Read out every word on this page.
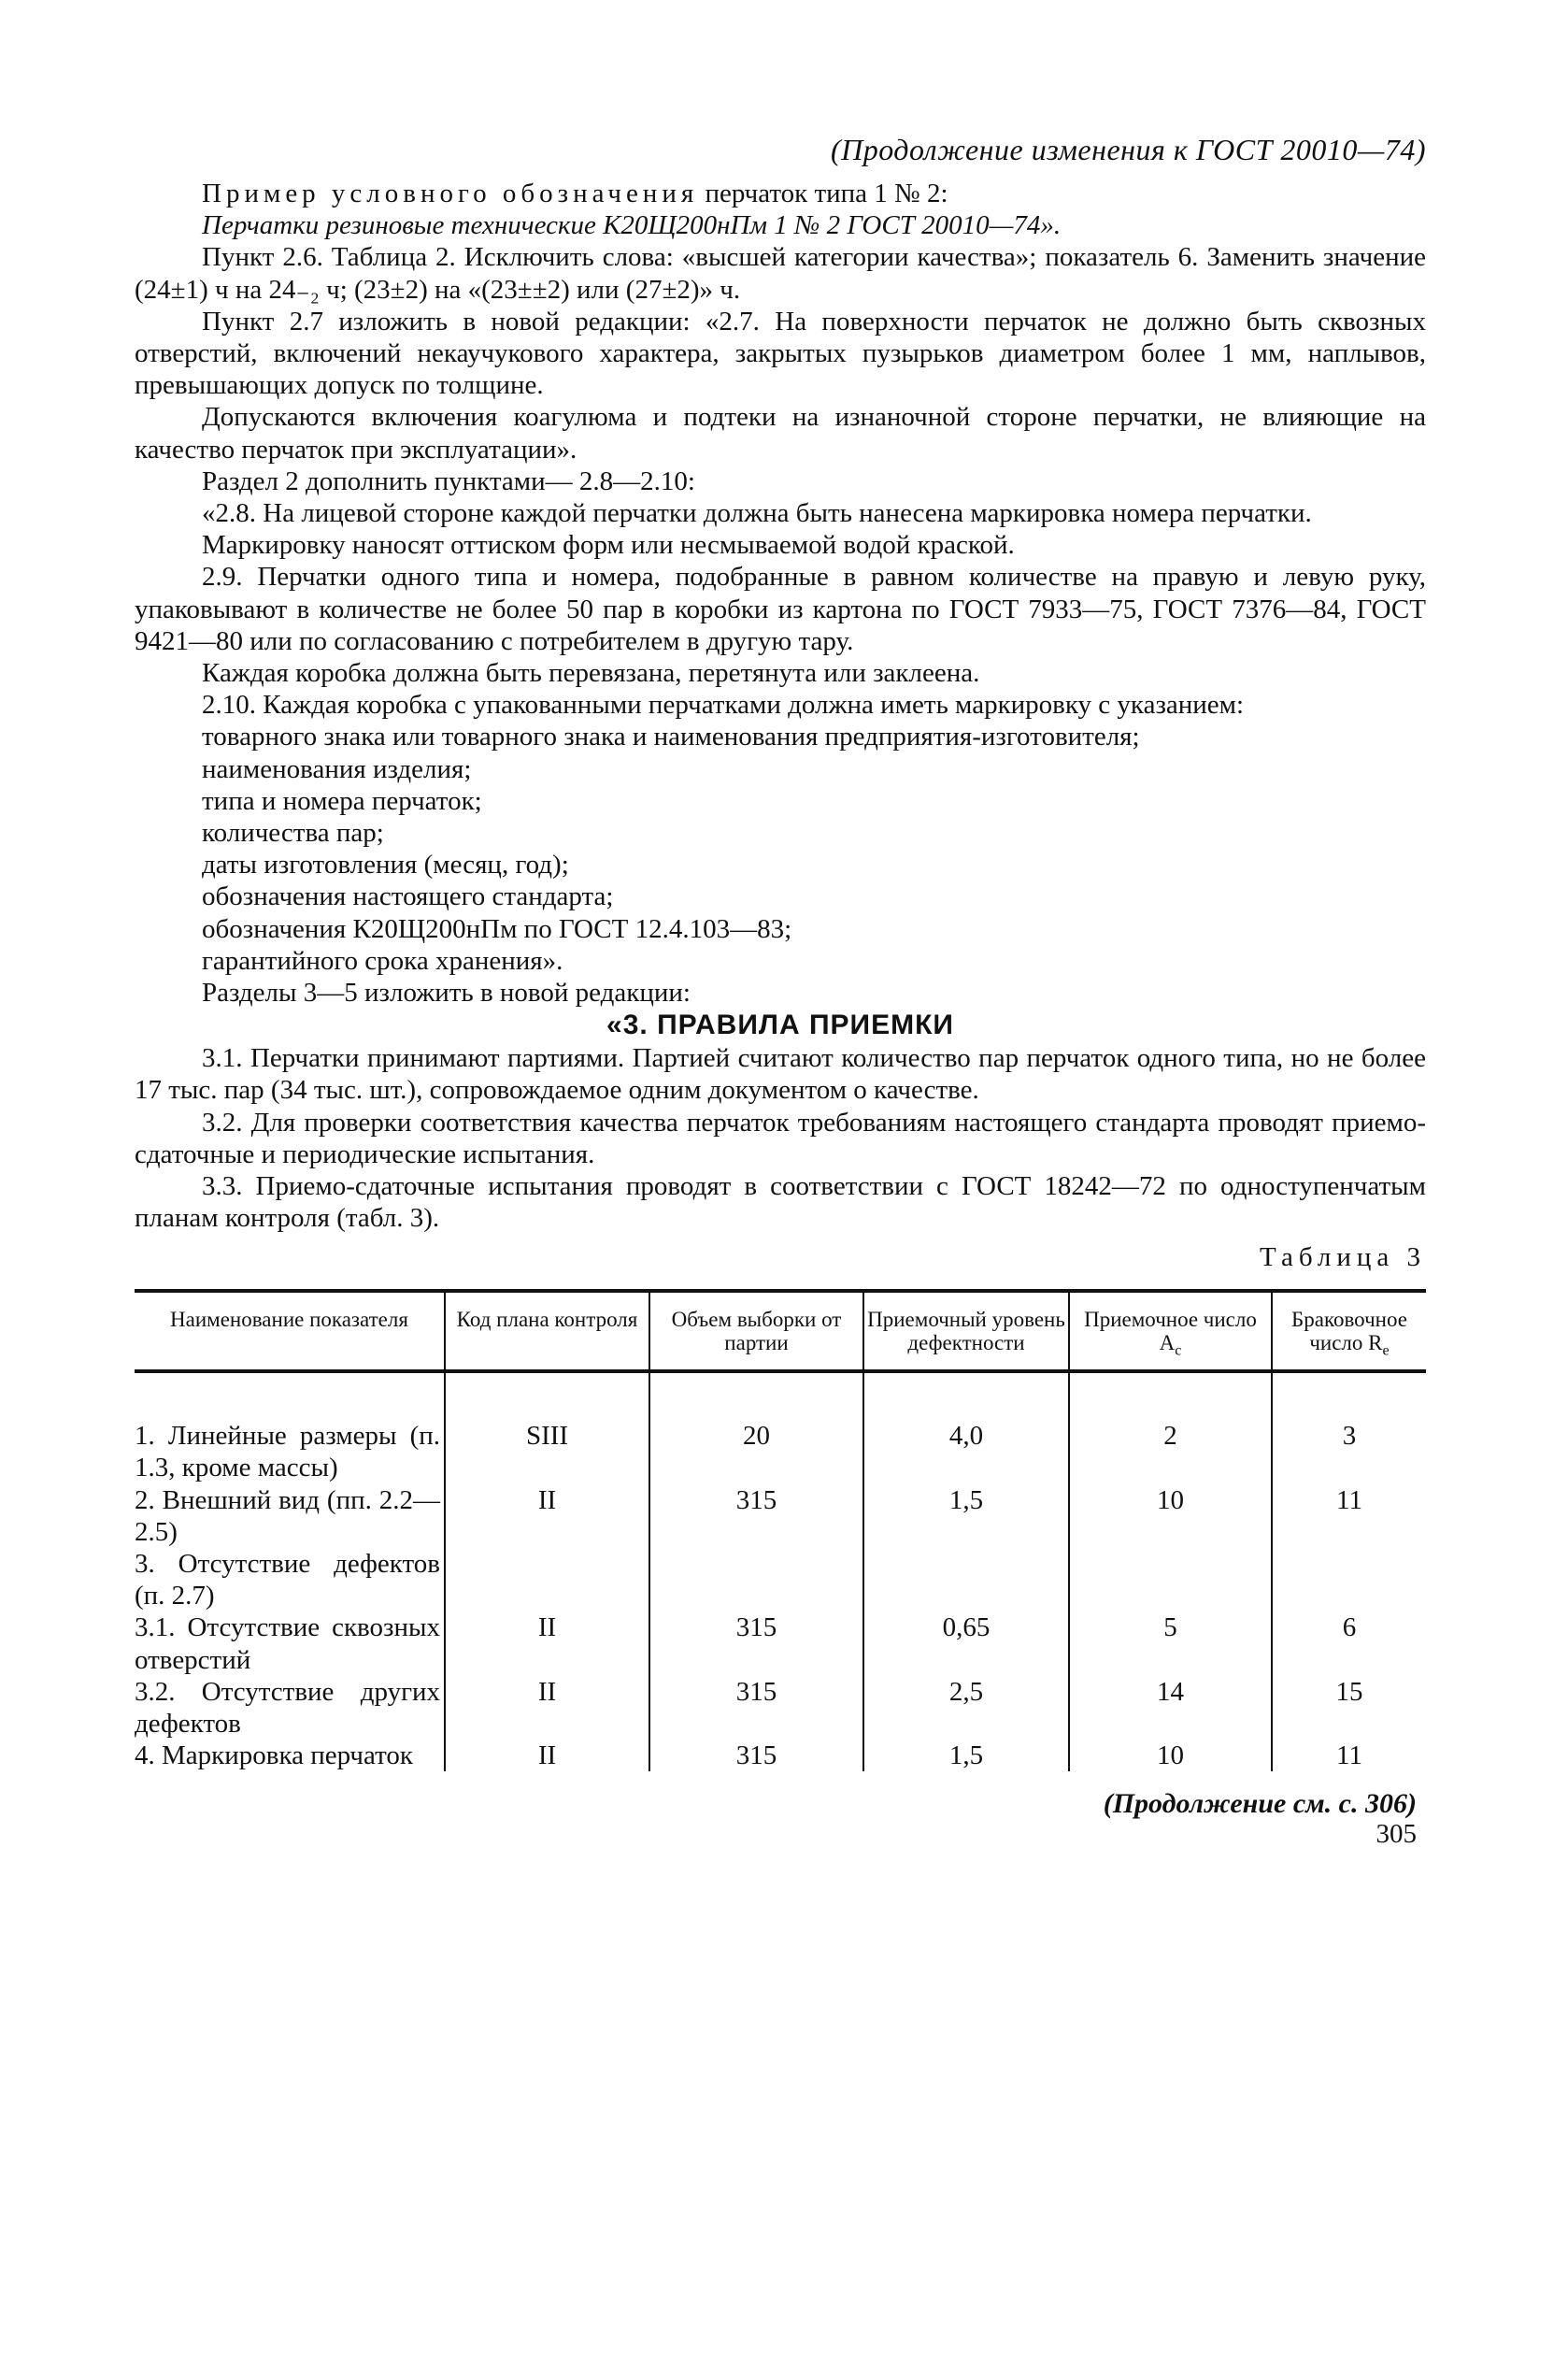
(Продолжение изменения к ГОСТ 20010—74)

Пример условного обозначения перчаток типа 1 № 2:

Перчатки резиновые технические К20Щ200нПм 1 № 2 ГОСТ 20010—74».

Пункт 2.6. Таблица 2. Исключить слова: «высшей категории качества»; показатель 6. Заменить значение (24±1) ч на 24₋₂ ч; (23±2) на «(23±±2) или (27±2)» ч.

Пункт 2.7 изложить в новой редакции: «2.7. На поверхности перчаток не должно быть сквозных отверстий, включений некаучукового характера, закрытых пузырьков диаметром более 1 мм, наплывов, превышающих допуск по толщине.

Допускаются включения коагулюма и подтеки на изнаночной стороне перчатки, не влияющие на качество перчаток при эксплуатации».

Раздел 2 дополнить пунктами— 2.8—2.10:

«2.8. На лицевой стороне каждой перчатки должна быть нанесена маркировка номера перчатки.

Маркировку наносят оттиском форм или несмываемой водой краской.

2.9. Перчатки одного типа и номера, подобранные в равном количестве на правую и левую руку, упаковывают в количестве не более 50 пар в коробки из картона по ГОСТ 7933—75, ГОСТ 7376—84, ГОСТ 9421—80 или по согласованию с потребителем в другую тару.

Каждая коробка должна быть перевязана, перетянута или заклеена.

2.10. Каждая коробка с упакованными перчатками должна иметь маркировку с указанием:

товарного знака или товарного знака и наименования предприятия-изготовителя;

наименования изделия;

типа и номера перчаток;

количества пар;

даты изготовления (месяц, год);

обозначения настоящего стандарта;

обозначения К20Щ200нПм по ГОСТ 12.4.103—83;

гарантийного срока хранения».

Разделы 3—5 изложить в новой редакции:

«3. ПРАВИЛА ПРИЕМКИ

3.1. Перчатки принимают партиями. Партией считают количество пар перчаток одного типа, но не более 17 тыс. пар (34 тыс. шт.), сопровождаемое одним документом о качестве.

3.2. Для проверки соответствия качества перчаток требованиям настоящего стандарта проводят приемо-сдаточные и периодические испытания.

3.3. Приемо-сдаточные испытания проводят в соответствии с ГОСТ 18242—72 по одноступенчатым планам контроля (табл. 3).

Таблица 3
Наименование показателя	Код плана контроля	Объем выборки от партии	Приемочный уровень дефектности	Приемочное число $A_c$	Браковочное число $R_e$
1. Линейные размеры (п. 1.3, кроме массы)	SIII	20	4,0	2	3
2. Внешний вид (пп. 2.2—2.5)	II	315	1,5	10	11
3. Отсутствие дефектов (п. 2.7)					
3.1. Отсутствие сквозных отверстий	II	315	0,65	5	6
3.2. Отсутствие других дефектов	II	315	2,5	14	15
4. Маркировка перчаток	II	315	1,5	10	11
(Продолжение см. с. 306)
305
